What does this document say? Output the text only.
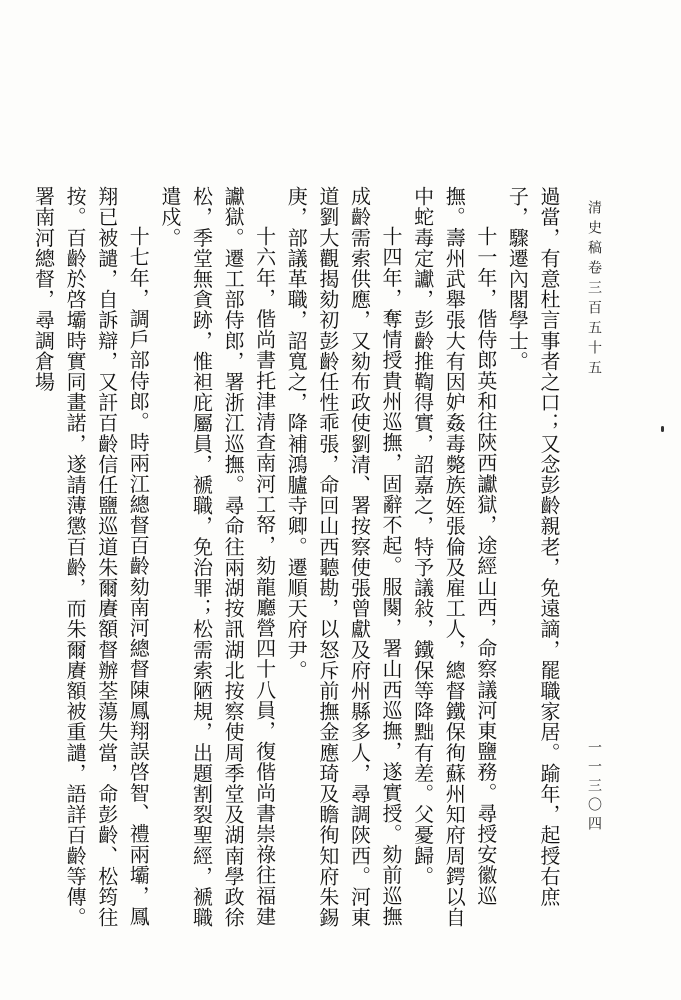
清史稿卷三百五十五
一一三〇四

過當，有意杜言事者之口；又念彭齡親老，免遠謫，罷職家居。踰年，起授右庶子，驟遷內閣學士。

十一年，偕侍郎英和往陝西讞獄，途經山西，命察議河東鹽務。尋授安徽巡撫。壽州武舉張大有因妒姦毒斃族姪張倫及雇工人，總督鐵保徇蘇州知府周鍔以自中蛇毒定讞，彭齡推鞫得實，詔嘉之，特予議敍，鐵保等降黜有差。父憂歸。

十四年，奪情授貴州巡撫，固辭不起。服闋，署山西巡撫，遂實授。劾前巡撫成齡需索供應，又劾布政使劉清、署按察使張曾獻及府州縣多人，尋調陝西。河東道劉大觀揭劾初彭齡任性乖張，命回山西聽勘，以怒斥前撫金應琦及瞻徇知府朱錫庚，部議革職，詔寬之，降補鴻臚寺卿。遷順天府尹。

十六年，偕尚書托津清查南河工帑，劾龍廳營四十八員，復偕尚書崇祿往福建讞獄。遷工部侍郎，署浙江巡撫。尋命往兩湖按訊湖北按察使周季堂及湖南學政徐松，季堂無貪跡，惟袒庇屬員，褫職，免治罪；松需索陋規，出題割裂聖經，褫職遣戍。

十七年，調戶部侍郎。時兩江總督百齡劾南河總督陳鳳翔誤啓智、禮兩壩，鳳翔已被譴，自訴辯，又訐百齡信任鹽巡道朱爾賡額督辦荃蕩失當，命彭齡、松筠往按。百齡於啓壩時實同畫諾，遂請薄懲百齡，而朱爾賡額被重譴，語詳百齡等傳。署南河總督，尋調倉場
